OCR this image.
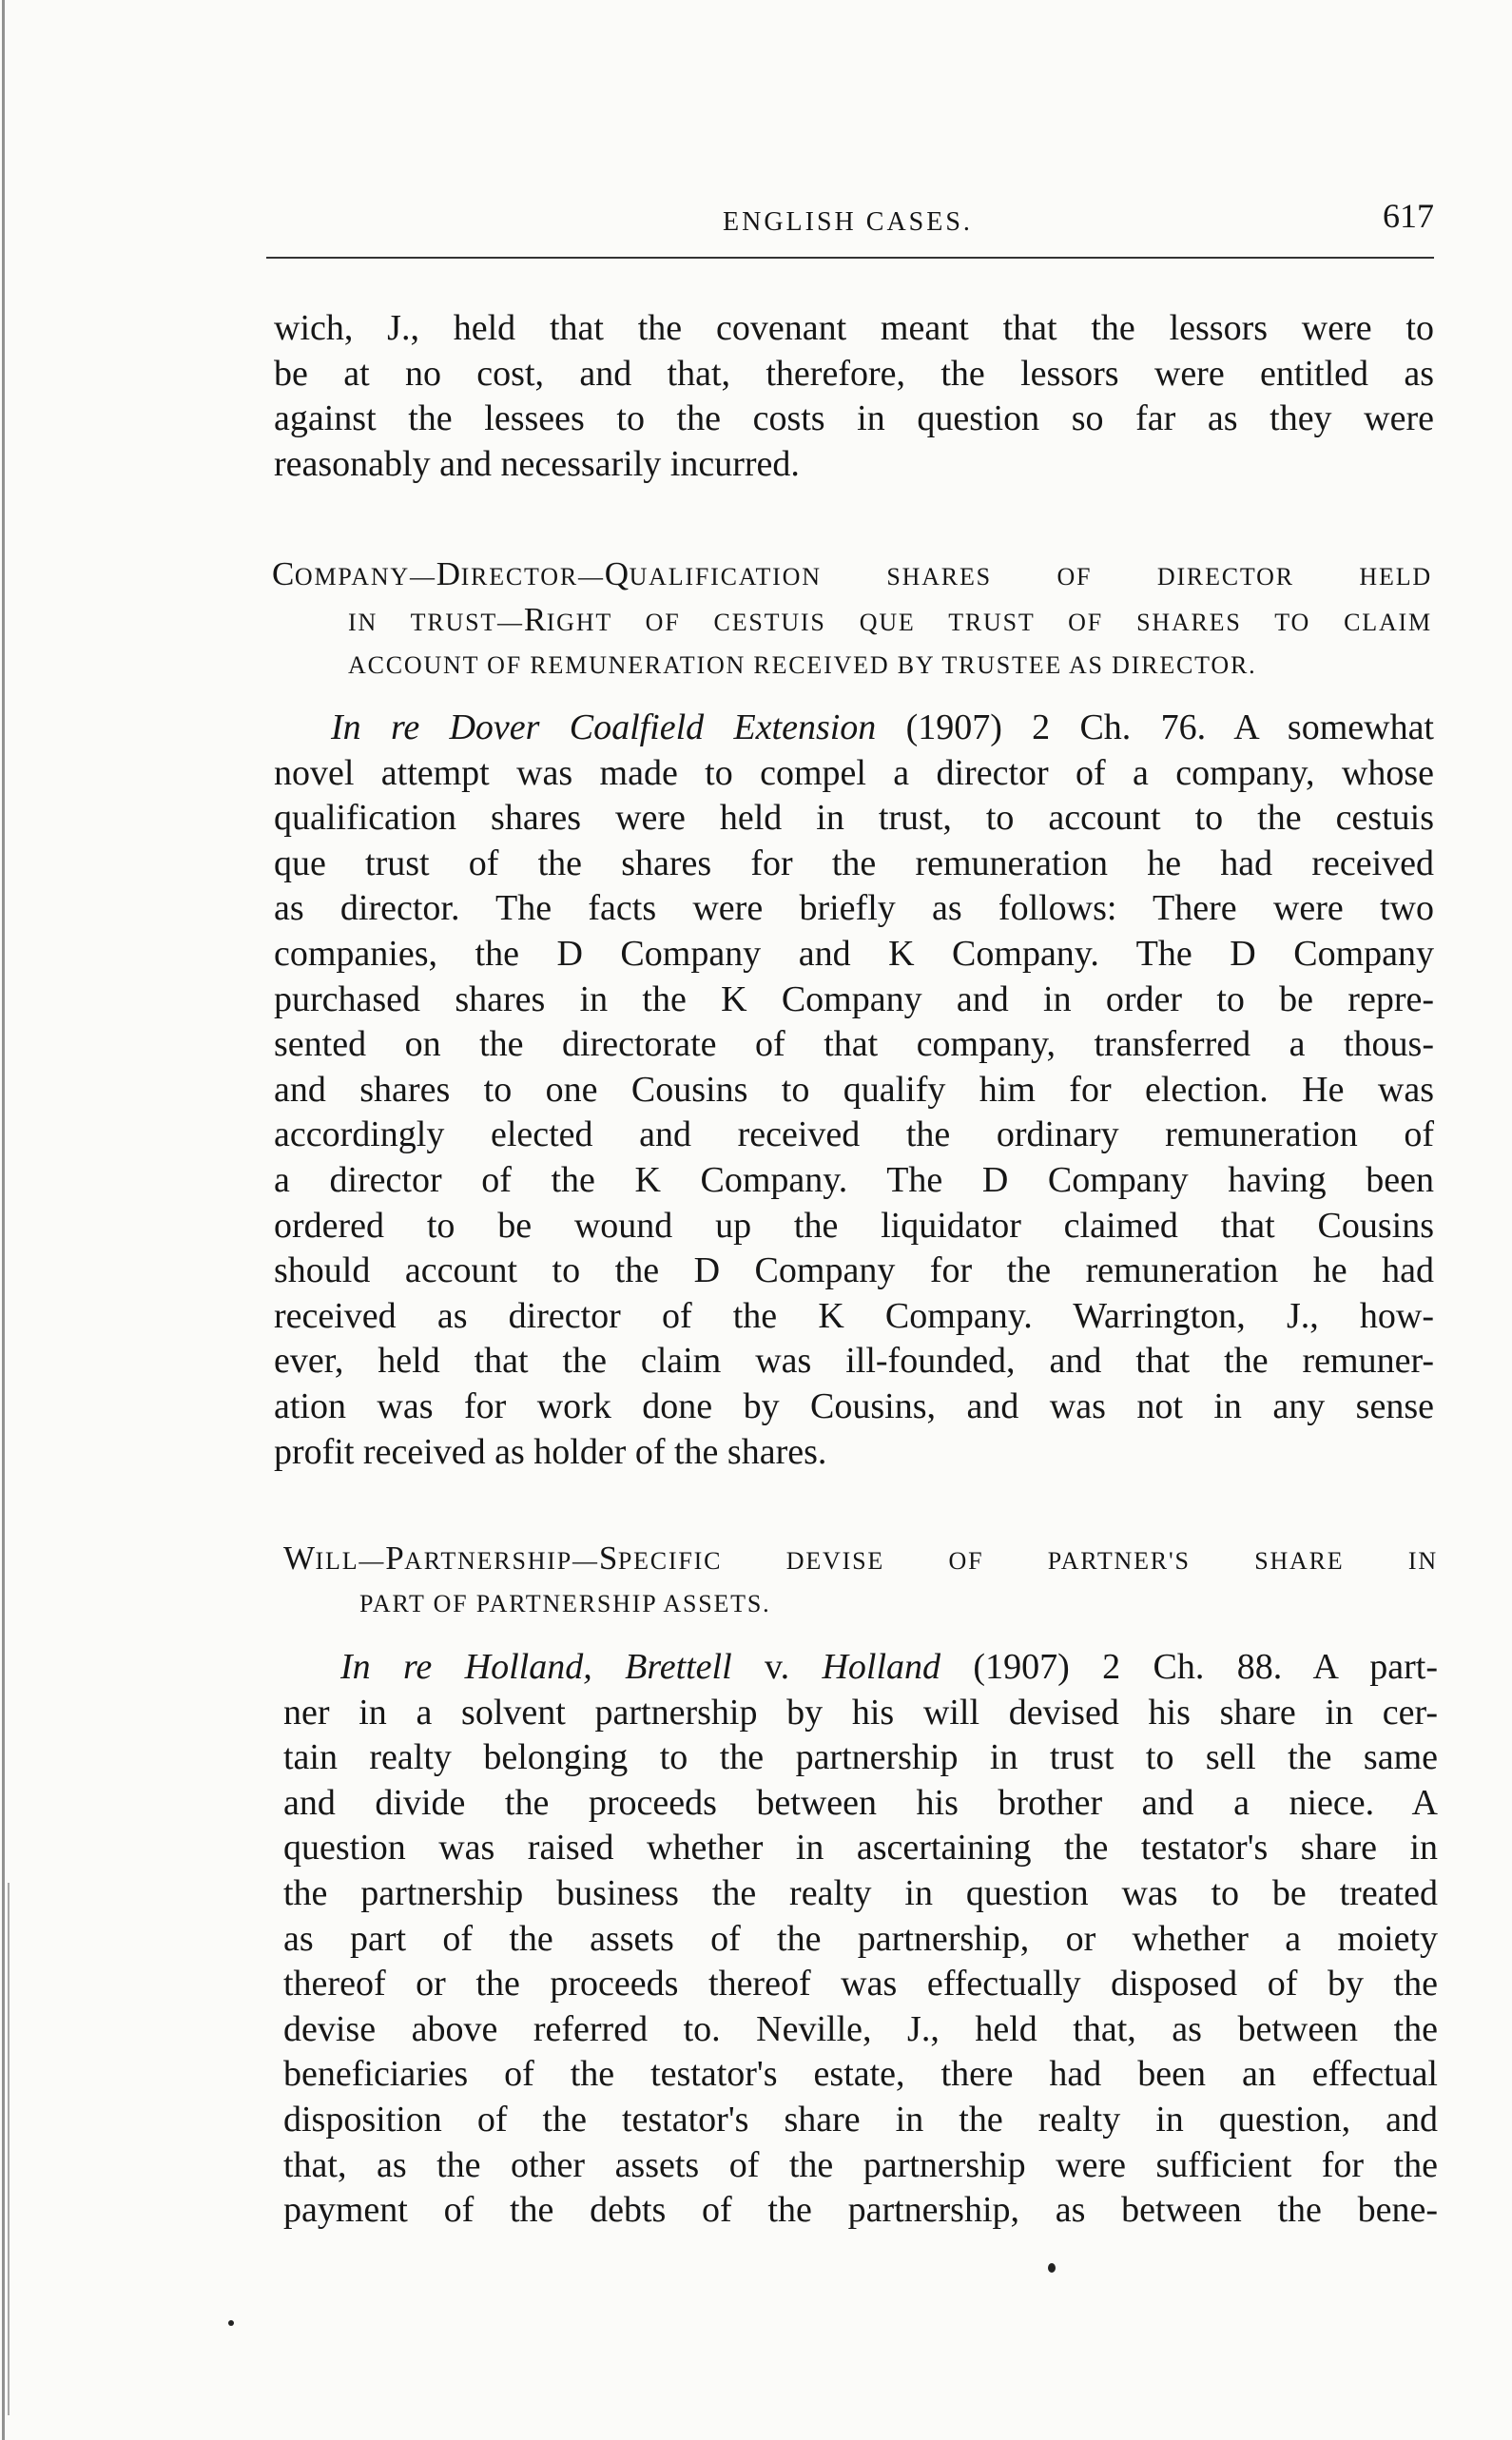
ENGLISH CASES.	617
wich, J., held that the covenant meant that the lessors were to
be at no cost, and that, therefore, the lessors were entitled as
against the lessees to the costs in question so far as they were
reasonably and necessarily incurred.
COMPANY—DIRECTOR—QUALIFICATION	SHARES	OF	DIRECTOR	HELD
IN TRUST—RIGHT OF CESTUIS QUE TRUST OF SHARES TO CLAIM
ACCOUNT OF REMUNERATION RECEIVED BY TRUSTEE AS DIRECTOR.
In re Dover Coalfield Extension (1907) 2 Ch. 76. A somewhat
novel attempt was made to compel a director of a company, whose
qualification shares were held in trust, to account to the cestuis
que trust of the shares for the remuneration he had received
as director. The facts were briefly as follows: There were two
companies, the D Company and K Company. The D Company
purchased shares in the K Company and in order to be repre-
sented on the directorate of that company, transferred a thous-
and shares to one Cousins to qualify him for election. He was
accordingly elected and received the ordinary remuneration of
a director of the K Company. The D Company having been
ordered to be wound up the liquidator claimed that Cousins
should account to the D Company for the remuneration he had
received as director of the K Company. Warrington, J., how-
ever, held that the claim was ill-founded, and that the remuner-
ation was for work done by Cousins, and was not in any sense
profit received as holder of the shares.
WILL—PARTNERSHIP—SPECIFIC	DEVISE	OF	PARTNER'S	SHARE	IN
PART OF PARTNERSHIP ASSETS.
In re Holland, Brettell v. Holland (1907) 2 Ch. 88. A part-
ner in a solvent partnership by his will devised his share in cer-
tain realty belonging to the partnership in trust to sell the same
and divide the proceeds between his brother and a niece. A
question was raised whether in ascertaining the testator's share in
the partnership business the realty in question was to be treated
as part of the assets of the partnership, or whether a moiety
thereof or the proceeds thereof was effectually disposed of by the
devise above referred to. Neville, J., held that, as between the
beneficiaries of the testator's estate, there had been an effectual
disposition of the testator's share in the realty in question, and
that, as the other assets of the partnership were sufficient for the
payment of the debts of the partnership, as between the bene-
